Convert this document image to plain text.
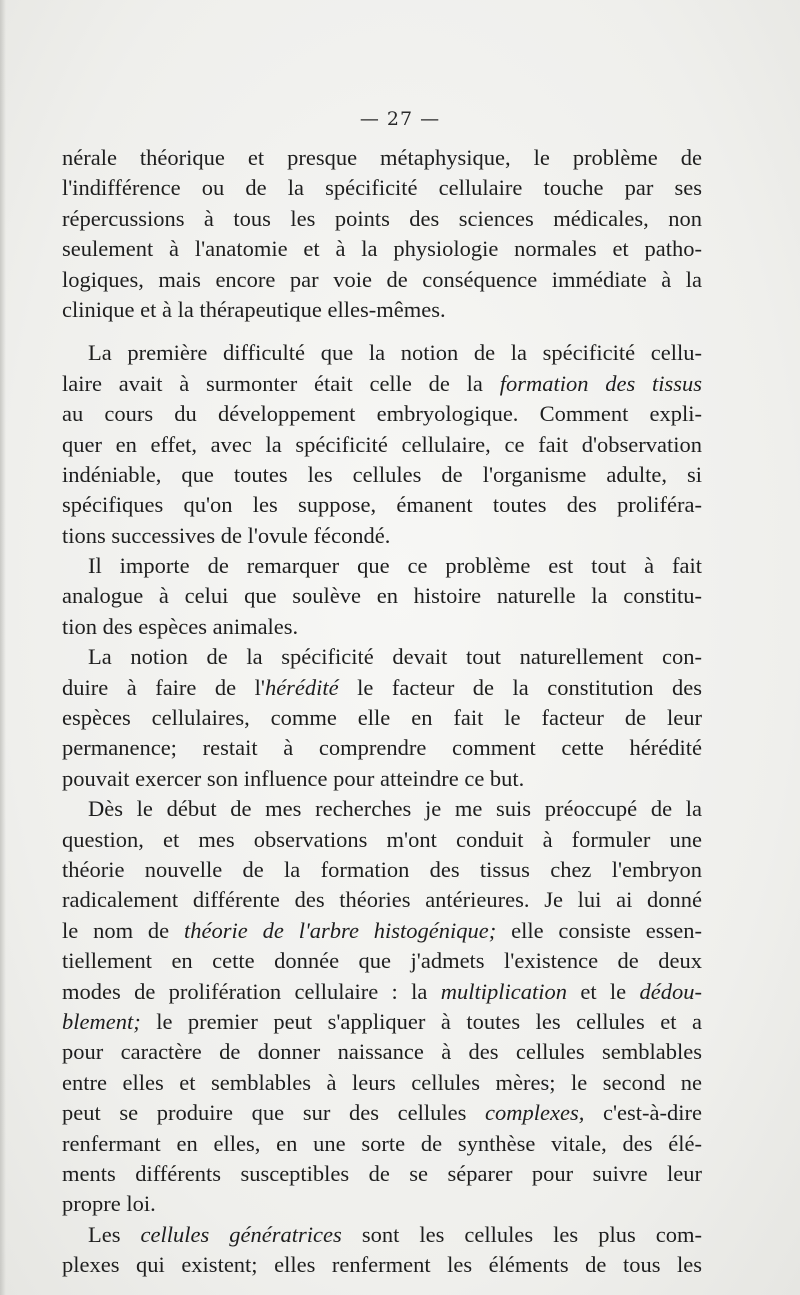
— 27 —
nérale théorique et presque métaphysique, le problème de
l'indifférence ou de la spécificité cellulaire touche par ses
répercussions à tous les points des sciences médicales, non
seulement à l'anatomie et à la physiologie normales et patho-
logiques, mais encore par voie de conséquence immédiate à la
clinique et à la thérapeutique elles-mêmes.
La première difficulté que la notion de la spécificité cellu-
laire avait à surmonter était celle de la formation des tissus
au cours du développement embryologique. Comment expli-
quer en effet, avec la spécificité cellulaire, ce fait d'observation
indéniable, que toutes les cellules de l'organisme adulte, si
spécifiques qu'on les suppose, émanent toutes des proliféra-
tions successives de l'ovule fécondé.
Il importe de remarquer que ce problème est tout à fait
analogue à celui que soulève en histoire naturelle la constitu-
tion des espèces animales.
La notion de la spécificité devait tout naturellement con-
duire à faire de l'hérédité le facteur de la constitution des
espèces cellulaires, comme elle en fait le facteur de leur
permanence; restait à comprendre comment cette hérédité
pouvait exercer son influence pour atteindre ce but.
Dès le début de mes recherches je me suis préoccupé de la
question, et mes observations m'ont conduit à formuler une
théorie nouvelle de la formation des tissus chez l'embryon
radicalement différente des théories antérieures. Je lui ai donné
le nom de théorie de l'arbre histogénique; elle consiste essen-
tiellement en cette donnée que j'admets l'existence de deux
modes de prolifération cellulaire : la multiplication et le dédou-
blement; le premier peut s'appliquer à toutes les cellules et a
pour caractère de donner naissance à des cellules semblables
entre elles et semblables à leurs cellules mères; le second ne
peut se produire que sur des cellules complexes, c'est-à-dire
renfermant en elles, en une sorte de synthèse vitale, des élé-
ments différents susceptibles de se séparer pour suivre leur
propre loi.
Les cellules génératrices sont les cellules les plus com-
plexes qui existent; elles renferment les éléments de tous les
